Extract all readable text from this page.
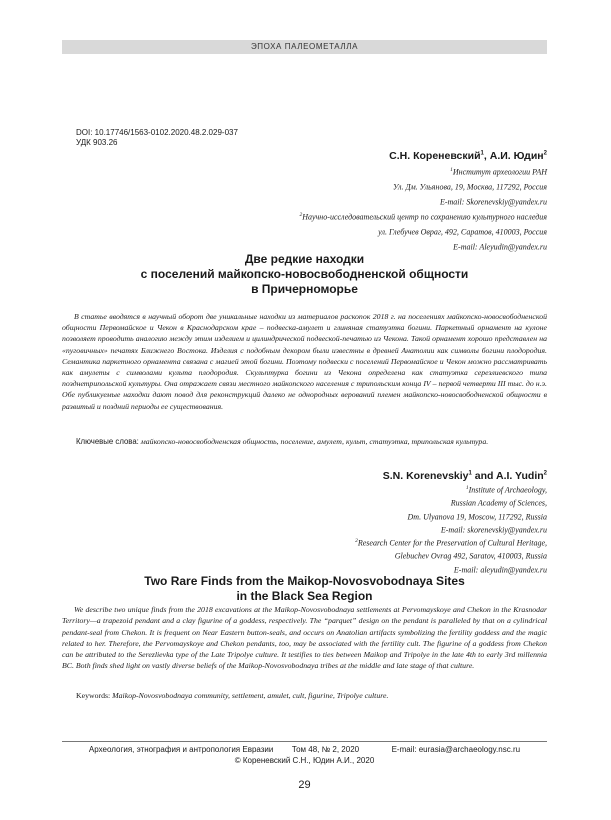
ЭПОХА ПАЛЕОМЕТАЛЛА
DOI: 10.17746/1563-0102.2020.48.2.029-037
УДК 903.26
С.Н. Кореневский$^1$, А.И. Юдин$^2$
$^1$Институт археологии РАН
Ул. Дм. Ульянова, 19, Москва, 117292, Россия
E-mail: Skorenevskiy@yandex.ru
$^2$Научно-исследовательский центр по сохранению культурного наследия
ул. Глебучев Овраг, 492, Саратов, 410003, Россия
E-mail: Aleyudin@yandex.ru
Две редкие находки
с поселений майкопско-новосвободненской общности
в Причерноморье
В статье вводятся в научный оборот две уникальные находки из материалов раскопок 2018 г. на поселениях майкопско-новосвободненской общности Первомайское и Чекон в Краснодарском крае – подвеска-амулет и глиняная статуэтка богини. Паркетный орнамент на кулоне позволяет проводить аналогию между этим изделием и цилиндрической подвеской-печатью из Чекона. Такой орнамент хорошо представлен на «пуговичных» печатях Ближнего Востока. Изделия с подобным декором были известны в древней Анатолии как символы богини плодородия. Семантика паркетного орнамента связана с магией этой богини. Поэтому подвески с поселений Первомайское и Чекон можно рассматривать как амулеты с символами культа плодородия. Скульптурка богини из Чекона определена как статуэтка серезлиевского типа позднетрипольской культуры. Она отражает связи местного майкопского населения с трипольским конца IV – первой четверти III тыс. до н.э. Обе публикуемые находки дают повод для реконструкций далеко не однородных верований племен майкопско-новосвободненской общности в развитый и поздний периоды ее существования.
Ключевые слова: майкопско-новосвободненская общность, поселение, амулет, культ, статуэтка, трипольская культура.
S.N. Korenevskiy$^1$ and A.I. Yudin$^2$
$^1$Institute of Archaeology,
Russian Academy of Sciences,
Dm. Ulyanova 19, Moscow, 117292, Russia
E-mail: skorenevskiy@yandex.ru
$^2$Research Center for the Preservation of Cultural Heritage,
Glebuchev Ovrag 492, Saratov, 410003, Russia
E-mail: aleyudin@yandex.ru
Two Rare Finds from the Maikop-Novosvobodnaya Sites
in the Black Sea Region
We describe two unique finds from the 2018 excavations at the Maikop-Novosvobodnaya settlements at Pervomayskoye and Chekon in the Krasnodar Territory—a trapezoid pendant and a clay figurine of a goddess, respectively. The “parquet” design on the pendant is paralleled by that on a cylindrical pendant-seal from Chekon. It is frequent on Near Eastern button-seals, and occurs on Anatolian artifacts symbolizing the fertility goddess and the magic related to her. Therefore, the Pervomayskoye and Chekon pendants, too, may be associated with the fertility cult. The figurine of a goddess from Chekon can be attributed to the Serezlievka type of the Late Tripolye culture. It testifies to ties between Maikop and Tripolye in the late 4th to early 3rd millennia BC. Both finds shed light on vastly diverse beliefs of the Maikop-Novosvobodnaya tribes at the middle and late stage of that culture.
Keywords: Maikop-Novosvobodnaya community, settlement, amulet, cult, figurine, Tripolye culture.
Археология, этнография и антропология Евразии Том 48, № 2, 2020	E-mail: eurasia@archaeology.nsc.ru
© Кореневский С.Н., Юдин А.И., 2020
29
